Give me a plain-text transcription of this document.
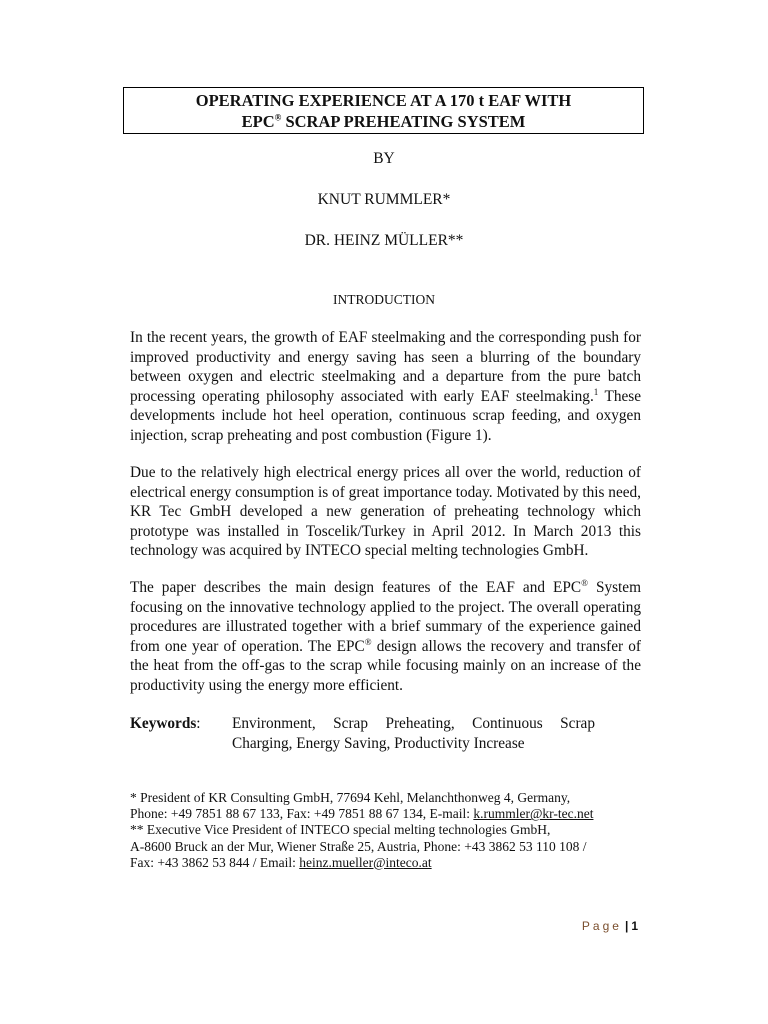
OPERATING EXPERIENCE AT A 170 t EAF WITH
EPC® SCRAP PREHEATING SYSTEM
BY
KNUT RUMMLER*
DR. HEINZ MÜLLER**
INTRODUCTION

In the recent years, the growth of EAF steelmaking and the corresponding push for improved productivity and energy saving has seen a blurring of the boundary between oxygen and electric steelmaking and a departure from the pure batch processing operating philosophy associated with early EAF steelmaking.$^1$ These developments include hot heel operation, continuous scrap feeding, and oxygen injection, scrap preheating and post combustion (Figure 1).

Due to the relatively high electrical energy prices all over the world, reduction of electrical energy consumption is of great importance today. Motivated by this need, KR Tec GmbH developed a new generation of preheating technology which prototype was installed in Toscelik/Turkey in April 2012. In March 2013 this technology was acquired by INTECO special melting technologies GmbH.

The paper describes the main design features of the EAF and EPC® System focusing on the innovative technology applied to the project. The overall operating procedures are illustrated together with a brief summary of the experience gained from one year of operation. The EPC® design allows the recovery and transfer of the heat from the off-gas to the scrap while focusing mainly on an increase of the productivity using the energy more efficient.

Keywords: Environment, Scrap Preheating, Continuous Scrap Charging, Energy Saving, Productivity Increase
* President of KR Consulting GmbH, 77694 Kehl, Melanchthonweg 4, Germany,
Phone: +49 7851 88 67 133, Fax: +49 7851 88 67 134, E-mail: k.rummler@kr-tec.net
** Executive Vice President of INTECO special melting technologies GmbH,
A-8600 Bruck an der Mur, Wiener Straße 25, Austria, Phone: +43 3862 53 110 108 /
Fax: +43 3862 53 844 / Email: heinz.mueller@inteco.at
Page | 1
